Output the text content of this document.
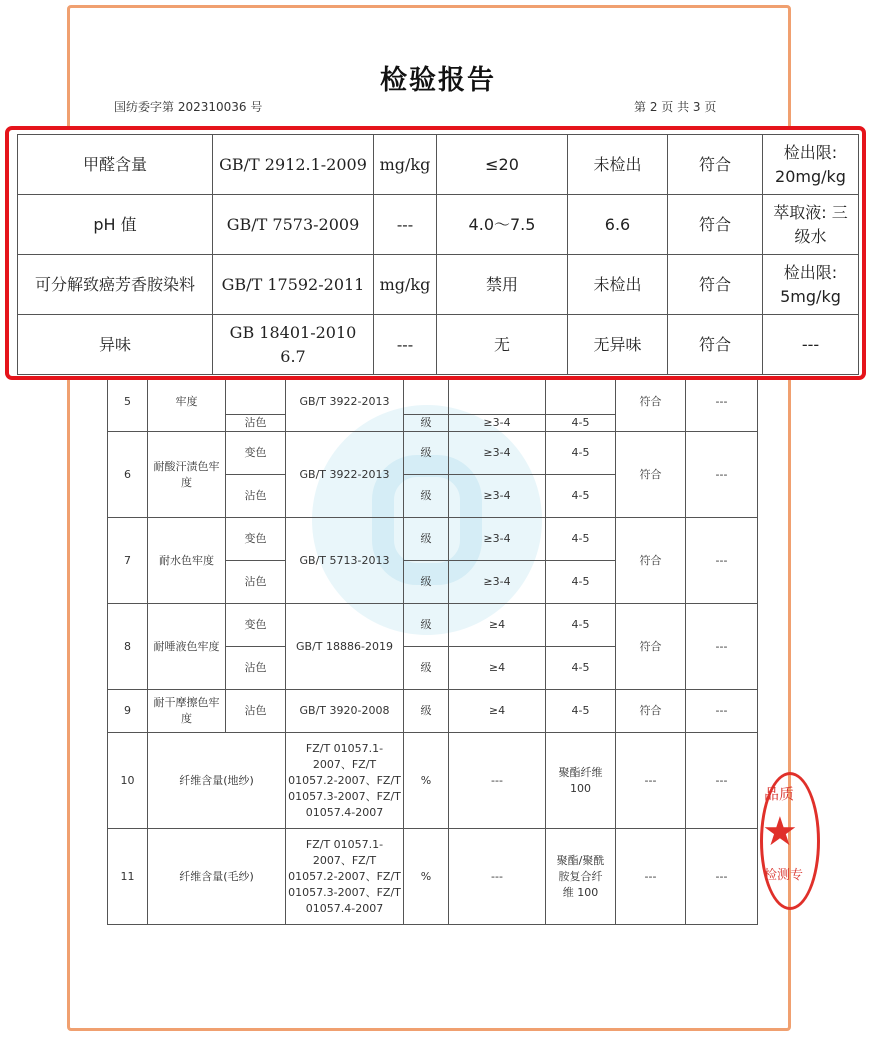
检验报告
国纺委字第 202310036 号	第 2 页 共 3 页
5	牢度		GB/T 3922-2013				符合	---
		沾色		级	≥3-4	4-5		
6	耐酸汗渍色牢度	变色	GB/T 3922-2013	级	≥3-4	4-5	符合	---
		沾色		级	≥3-4	4-5		
7	耐水色牢度	变色	GB/T 5713-2013	级	≥3-4	4-5	符合	---
		沾色		级	≥3-4	4-5		
8	耐唾液色牢度	变色	GB/T 18886-2019	级	≥4	4-5	符合	---
		沾色		级	≥4	4-5		
9	耐干摩擦色牢度	沾色	GB/T 3920-2008	级	≥4	4-5	符合	---
10	纤维含量(地纱)		FZ/T 01057.1-2007、FZ/T 01057.2-2007、FZ/T 01057.3-2007、FZ/T 01057.4-2007	%	---	聚酯纤维 100	---	---
11	纤维含量(毛纱)		FZ/T 01057.1-2007、FZ/T 01057.2-2007、FZ/T 01057.3-2007、FZ/T 01057.4-2007	%	---	聚酯/聚酰胺复合纤维 100	---	---
品质
★
检测专
甲醛含量	GB/T 2912.1-2009	mg/kg	≤20	未检出	符合	检出限: 20mg/kg
pH 值	GB/T 7573-2009	---	4.0～7.5	6.6	符合	萃取液: 三级水
可分解致癌芳香胺染料	GB/T 17592-2011	mg/kg	禁用	未检出	符合	检出限: 5mg/kg
异味	GB 18401-2010 6.7	---	无	无异味	符合	---
